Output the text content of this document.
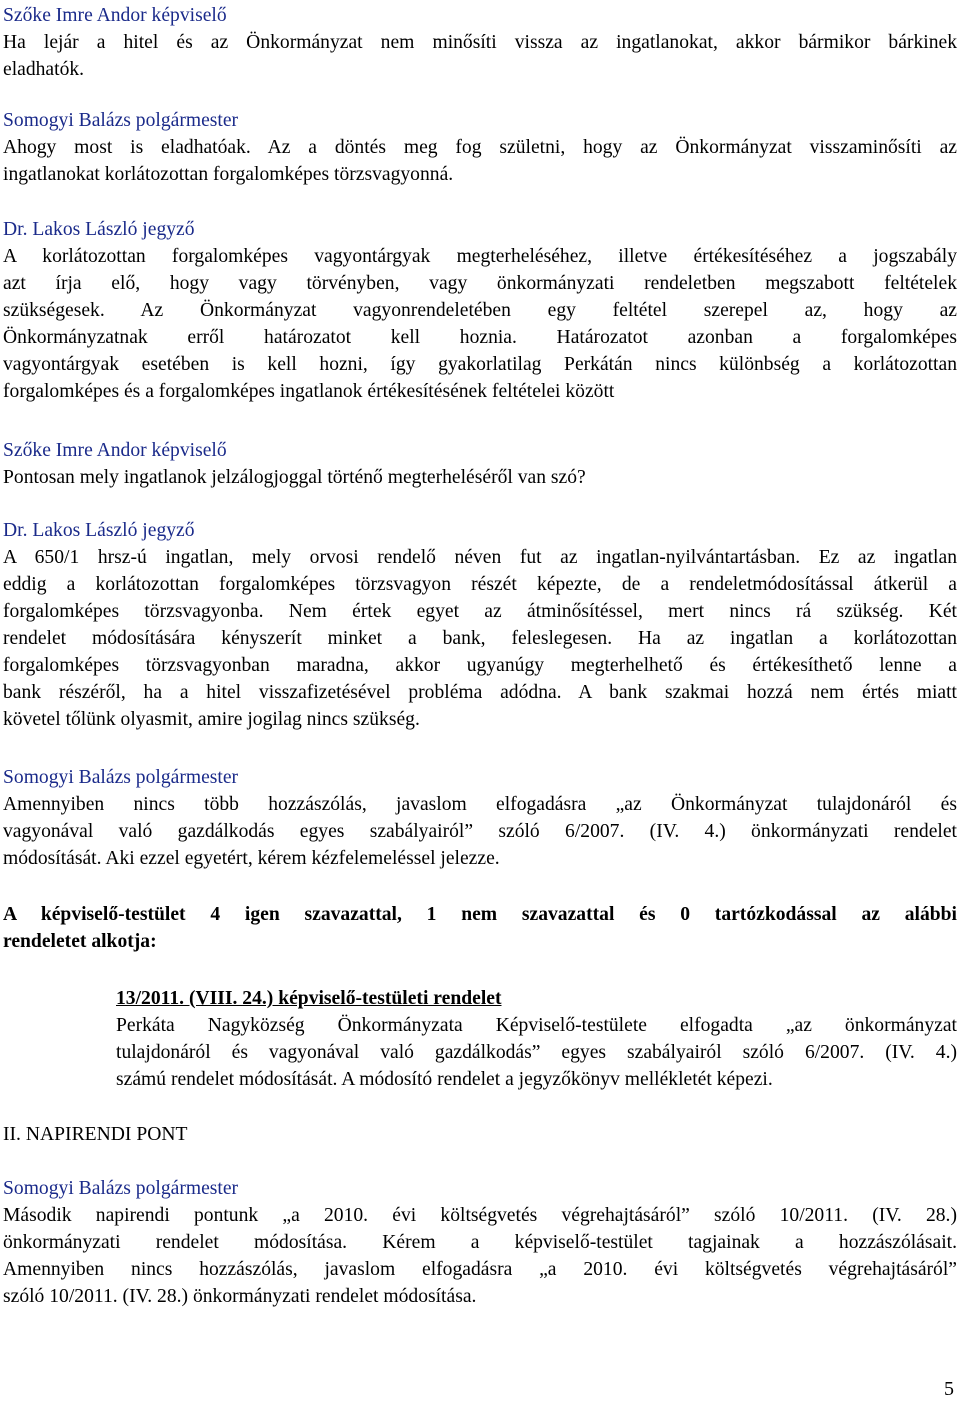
Szőke Imre Andor képviselő
Ha lejár a hitel és az Önkormányzat nem minősíti vissza az ingatlanokat, akkor bármikor bárkinek
eladhatók.
Somogyi Balázs polgármester
Ahogy most is eladhatóak. Az a döntés meg fog születni, hogy az Önkormányzat visszaminősíti az
ingatlanokat korlátozottan forgalomképes törzsvagyonná.
Dr. Lakos László jegyző
A korlátozottan forgalomképes vagyontárgyak megterheléséhez, illetve értékesítéséhez a jogszabály
azt írja elő, hogy vagy törvényben, vagy önkormányzati rendeletben megszabott feltételek
szükségesek. Az Önkormányzat vagyonrendeletében egy feltétel szerepel az, hogy az
Önkormányzatnak erről határozatot kell hoznia. Határozatot azonban a forgalomképes
vagyontárgyak esetében is kell hozni, így gyakorlatilag Perkátán nincs különbség a korlátozottan
forgalomképes és a forgalomképes ingatlanok értékesítésének feltételei között
Szőke Imre Andor képviselő
Pontosan mely ingatlanok jelzálogjoggal történő megterheléséről van szó?
Dr. Lakos László jegyző
A 650/1 hrsz-ú ingatlan, mely orvosi rendelő néven fut az ingatlan-nyilvántartásban. Ez az ingatlan
eddig a korlátozottan forgalomképes törzsvagyon részét képezte, de a rendeletmódosítással átkerül a
forgalomképes törzsvagyonba. Nem értek egyet az átminősítéssel, mert nincs rá szükség. Két
rendelet módosítására kényszerít minket a bank, feleslegesen. Ha az ingatlan a korlátozottan
forgalomképes törzsvagyonban maradna, akkor ugyanúgy megterhelhető és értékesíthető lenne a
bank részéről, ha a hitel visszafizetésével probléma adódna. A bank szakmai hozzá nem értés miatt
követel tőlünk olyasmit, amire jogilag nincs szükség.
Somogyi Balázs polgármester
Amennyiben nincs több hozzászólás, javaslom elfogadásra „az Önkormányzat tulajdonáról és
vagyonával való gazdálkodás egyes szabályairól” szóló 6/2007. (IV. 4.) önkormányzati rendelet
módosítását. Aki ezzel egyetért, kérem kézfelemeléssel jelezze.
A képviselő-testület 4 igen szavazattal, 1 nem szavazattal és 0 tartózkodással az alábbi
rendeletet alkotja:
13/2011. (VIII. 24.) képviselő-testületi rendelet
Perkáta Nagyközség Önkormányzata Képviselő-testülete elfogadta „az önkormányzat
tulajdonáról és vagyonával való gazdálkodás” egyes szabályairól szóló 6/2007. (IV. 4.)
számú rendelet módosítását. A módosító rendelet a jegyzőkönyv mellékletét képezi.
II. NAPIRENDI PONT
Somogyi Balázs polgármester
Második napirendi pontunk „a 2010. évi költségvetés végrehajtásáról” szóló 10/2011. (IV. 28.)
önkormányzati rendelet módosítása. Kérem a képviselő-testület tagjainak a hozzászólásait.
Amennyiben nincs hozzászólás, javaslom elfogadásra „a 2010. évi költségvetés végrehajtásáról”
szóló 10/2011. (IV. 28.) önkormányzati rendelet módosítása.
5
